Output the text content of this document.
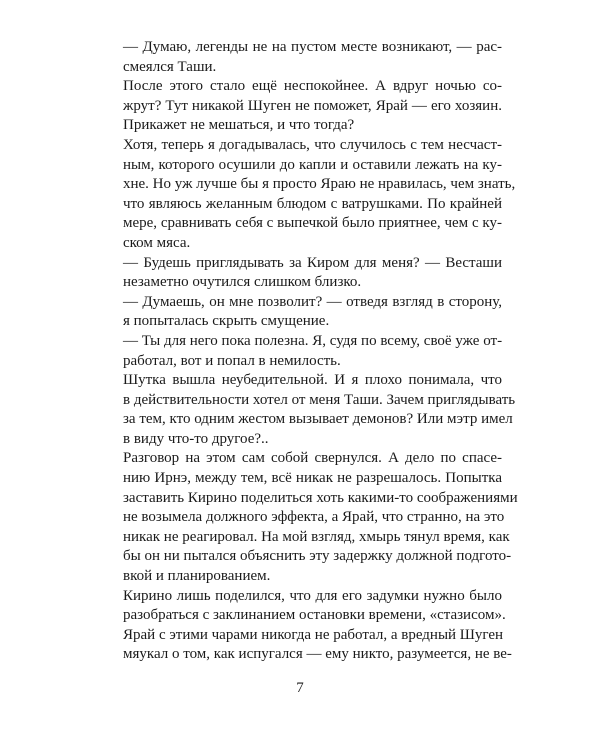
— Думаю, легенды не на пустом месте возникают, — рас-
смеялся Таши.

После этого стало ещё неспокойнее. А вдруг ночью со-
жрут? Тут никакой Шуген не поможет, Ярай — его хозяин.
Прикажет не мешаться, и что тогда?

Хотя, теперь я догадывалась, что случилось с тем несчаст-
ным, которого осушили до капли и оставили лежать на ку-
хне. Но уж лучше бы я просто Яраю не нравилась, чем знать,
что являюсь желанным блюдом с ватрушками. По крайней
мере, сравнивать себя с выпечкой было приятнее, чем с ку-
ском мяса.

— Будешь приглядывать за Киром для меня? — Весташи
незаметно очутился слишком близко.

— Думаешь, он мне позволит? — отведя взгляд в сторону,
я попыталась скрыть смущение.

— Ты для него пока полезна. Я, судя по всему, своё уже от-
работал, вот и попал в немилость.

Шутка вышла неубедительной. И я плохо понимала, что
в действительности хотел от меня Таши. Зачем приглядывать
за тем, кто одним жестом вызывает демонов? Или мэтр имел
в виду что-то другое?..

Разговор на этом сам собой свернулся. А дело по спасе-
нию Ирнэ, между тем, всё никак не разрешалось. Попытка
заставить Кирино поделиться хоть какими-то соображениями
не возымела должного эффекта, а Ярай, что странно, на это
никак не реагировал. На мой взгляд, хмырь тянул время, как
бы он ни пытался объяснить эту задержку должной подгото-
вкой и планированием.

Кирино лишь поделился, что для его задумки нужно было
разобраться с заклинанием остановки времени, «стазисом».
Ярай с этими чарами никогда не работал, а вредный Шуген
мяукал о том, как испугался — ему никто, разумеется, не ве-

7
